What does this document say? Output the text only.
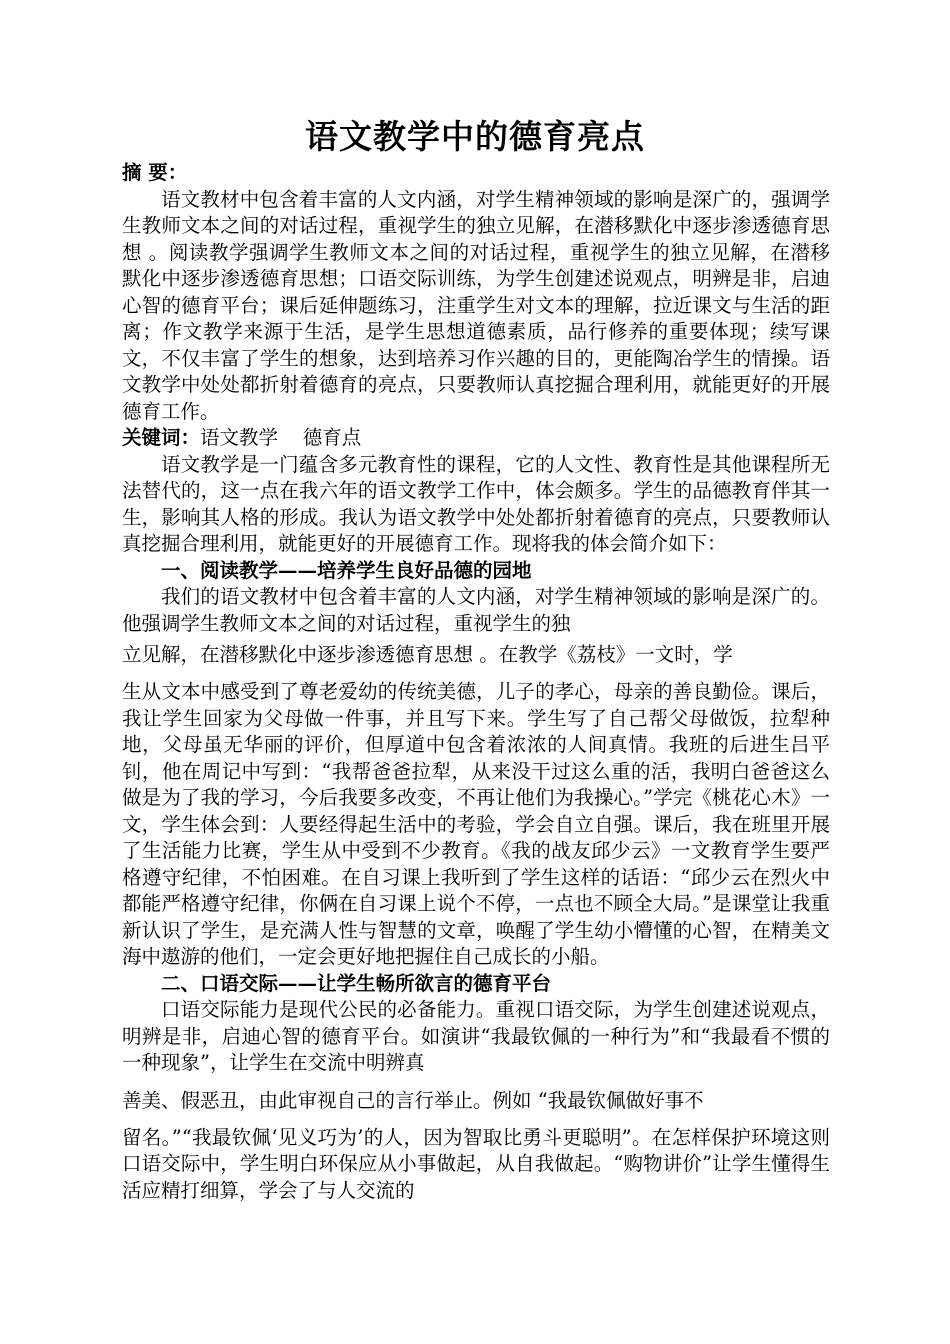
语文教学中的德育亮点

摘 要：

语文教材中包含着丰富的人文内涵，对学生精神领域的影响是深广的，强调学生教师文本之间的对话过程，重视学生的独立见解，在潜移默化中逐步渗透德育思想 。阅读教学强调学生教师文本之间的对话过程，重视学生的独立见解，在潜移默化中逐步渗透德育思想；口语交际训练，为学生创建述说观点，明辨是非，启迪心智的德育平台；课后延伸题练习，注重学生对文本的理解，拉近课文与生活的距离；作文教学来源于生活，是学生思想道德素质，品行修养的重要体现；续写课文，不仅丰富了学生的想象，达到培养习作兴趣的目的，更能陶冶学生的情操。语文教学中处处都折射着德育的亮点，只要教师认真挖掘合理利用，就能更好的开展德育工作。

关键词：语文教学    德育点

语文教学是一门蕴含多元教育性的课程，它的人文性、教育性是其他课程所无法替代的，这一点在我六年的语文教学工作中，体会颇多。学生的品德教育伴其一生，影响其人格的形成。我认为语文教学中处处都折射着德育的亮点，只要教师认真挖掘合理利用，就能更好的开展德育工作。现将我的体会简介如下：

一、阅读教学——培养学生良好品德的园地

我们的语文教材中包含着丰富的人文内涵，对学生精神领域的影响是深广的。他强调学生教师文本之间的对话过程，重视学生的独

立见解，在潜移默化中逐步渗透德育思想 。在教学《荔枝》一文时，学

生从文本中感受到了尊老爱幼的传统美德，儿子的孝心，母亲的善良勤俭。课后，我让学生回家为父母做一件事，并且写下来。学生写了自己帮父母做饭，拉犁种地，父母虽无华丽的评价，但厚道中包含着浓浓的人间真情。我班的后进生吕平钊，他在周记中写到：“我帮爸爸拉犁，从来没干过这么重的活，我明白爸爸这么做是为了我的学习，今后我要多改变，不再让他们为我操心。”学完《桃花心木》一文，学生体会到：人要经得起生活中的考验，学会自立自强。课后，我在班里开展了生活能力比赛，学生从中受到不少教育。《我的战友邱少云》一文教育学生要严格遵守纪律，不怕困难。在自习课上我听到了学生这样的话语：“邱少云在烈火中都能严格遵守纪律，你俩在自习课上说个不停，一点也不顾全大局。”是课堂让我重新认识了学生，是充满人性与智慧的文章，唤醒了学生幼小懵懂的心智，在精美文海中遨游的他们，一定会更好地把握住自己成长的小船。

二、口语交际——让学生畅所欲言的德育平台

口语交际能力是现代公民的必备能力。重视口语交际，为学生创建述说观点，明辨是非，启迪心智的德育平台。如演讲“我最钦佩的一种行为”和“我最看不惯的一种现象”，让学生在交流中明辨真

善美、假恶丑，由此审视自己的言行举止。例如 “我最钦佩做好事不

留名。”“我最钦佩‘见义巧为’的人，因为智取比勇斗更聪明”。在怎样保护环境这则口语交际中，学生明白环保应从小事做起，从自我做起。“购物讲价”让学生懂得生活应精打细算，学会了与人交流的
